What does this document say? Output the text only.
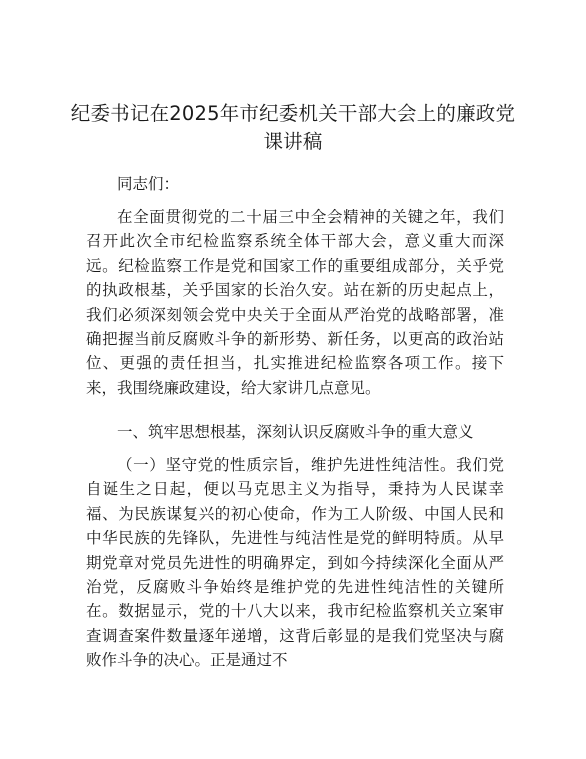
纪委书记在2025年市纪委机关干部大会上的廉政党课讲稿
同志们：
在全面贯彻党的二十届三中全会精神的关键之年，我们召开此次全市纪检监察系统全体干部大会，意义重大而深远。纪检监察工作是党和国家工作的重要组成部分，关乎党的执政根基，关乎国家的长治久安。站在新的历史起点上，我们必须深刻领会党中央关于全面从严治党的战略部署，准确把握当前反腐败斗争的新形势、新任务，以更高的政治站位、更强的责任担当，扎实推进纪检监察各项工作。接下来，我围绕廉政建设，给大家讲几点意见。
一、筑牢思想根基，深刻认识反腐败斗争的重大意义
（一）坚守党的性质宗旨，维护先进性纯洁性。我们党自诞生之日起，便以马克思主义为指导，秉持为人民谋幸福、为民族谋复兴的初心使命，作为工人阶级、中国人民和中华民族的先锋队，先进性与纯洁性是党的鲜明特质。从早期党章对党员先进性的明确界定，到如今持续深化全面从严治党，反腐败斗争始终是维护党的先进性纯洁性的关键所在。数据显示，党的十八大以来，我市纪检监察机关立案审查调查案件数量逐年递增，这背后彰显的是我们党坚决与腐败作斗争的决心。正是通过不
